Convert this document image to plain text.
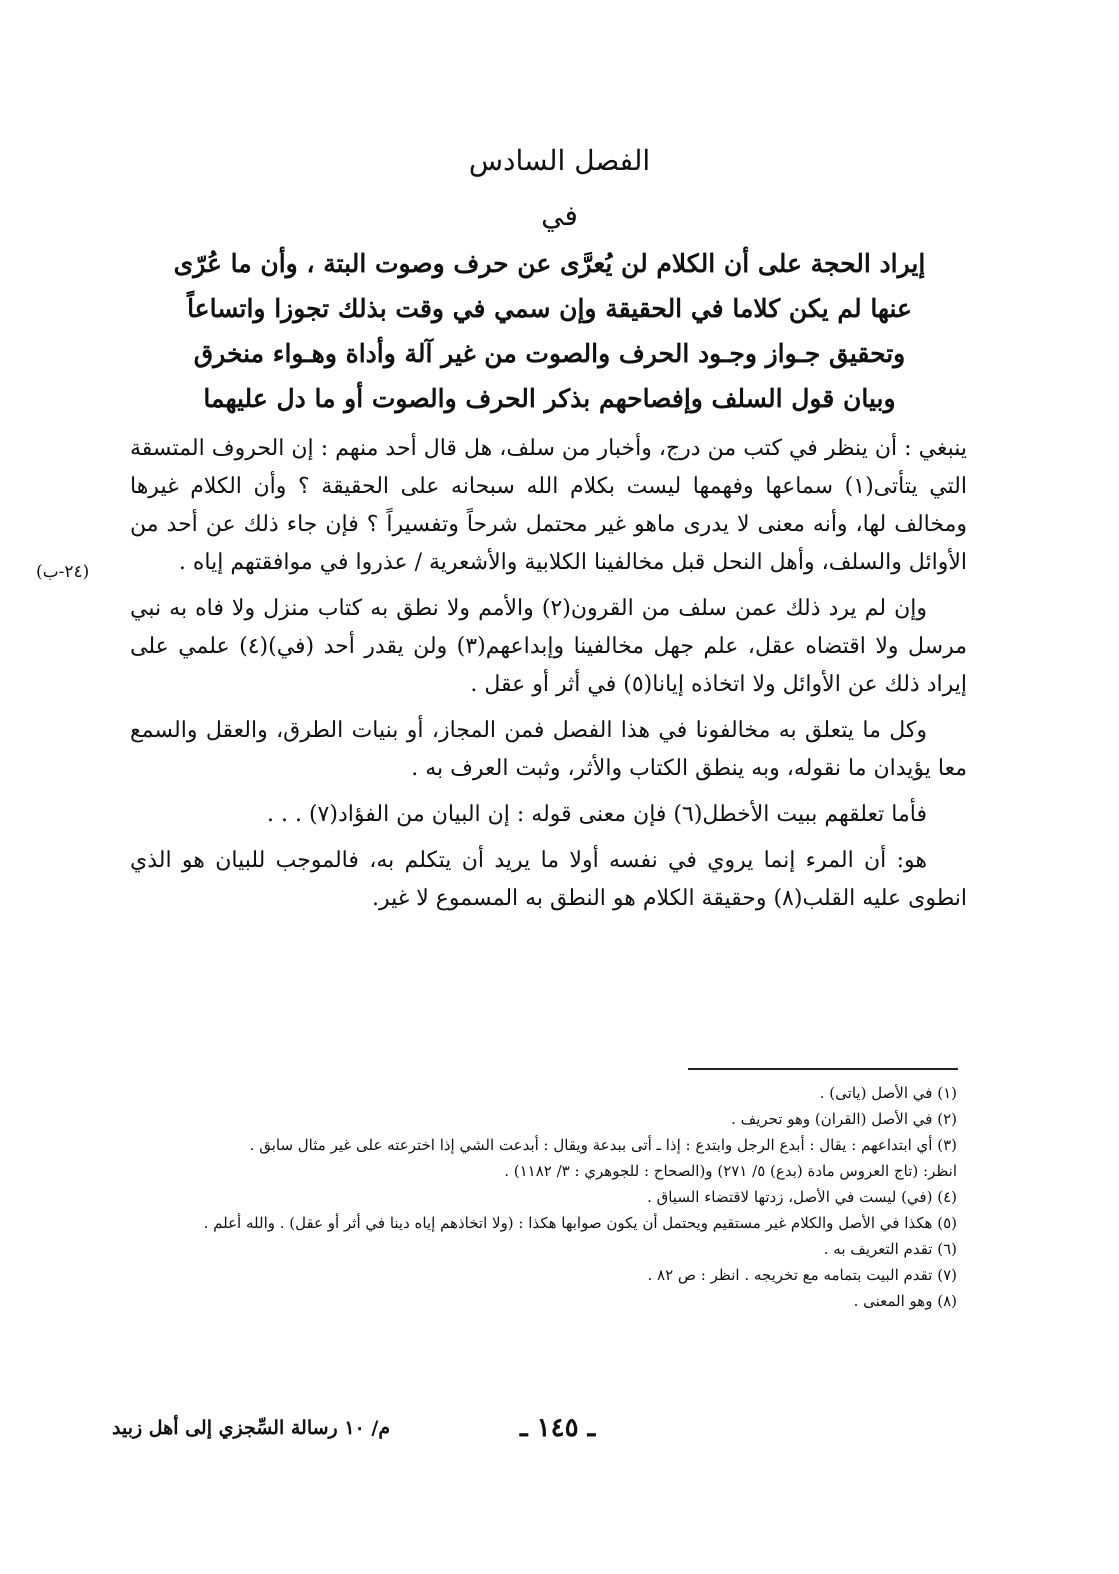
الفصل السادس
في
إيراد الحجة على أن الكلام لن يُعرَّى عن حرف وصوت البتة ، وأن ما عُرّى
عنها لم يكن كلاما في الحقيقة وإن سمي في وقت بذلك تجوزا واتساعاً
وتحقيق جـواز وجـود الحرف والصوت من غير آلة وأداة وهـواء منخرق
وبيان قول السلف وإفصاحهم بذكر الحرف والصوت أو ما دل عليهما

ينبغي : أن ينظر في كتب من درج، وأخبار من سلف، هل قال أحد منهم : إن الحروف المتسقة التي يتأتى(١) سماعها وفهمها ليست بكلام الله سبحانه على الحقيقة ؟ وأن الكلام غيرها ومخالف لها، وأنه معنى لا يدرى ماهو غير محتمل شرحاً وتفسيراً ؟ فإن جاء ذلك عن أحد من الأوائل والسلف، وأهل النحل قبل مخالفينا الكلابية والأشعرية / عذروا في موافقتهم إياه .

وإن لم يرد ذلك عمن سلف من القرون(٢) والأمم ولا نطق به كتاب منزل ولا فاه به نبي مرسل ولا اقتضاه عقل، علم جهل مخالفينا وإبداعهم(٣) ولن يقدر أحد (في)(٤) علمي على إيراد ذلك عن الأوائل ولا اتخاذه إيانا(٥) في أثر أو عقل .

وكل ما يتعلق به مخالفونا في هذا الفصل فمن المجاز، أو بنيات الطرق، والعقل والسمع معا يؤيدان ما نقوله، وبه ينطق الكتاب والأثر، وثبت العرف به .

فأما تعلقهم ببيت الأخطل(٦) فإن معنى قوله : إن البيان من الفؤاد(٧) . . .

هو: أن المرء إنما يروي في نفسه أولا ما يريد أن يتكلم به، فالموجب للبيان هو الذي انطوى عليه القلب(٨) وحقيقة الكلام هو النطق به المسموع لا غير.

(٢٤-ب)

(١) في الأصل (ياتى) .

(٢) في الأصل (القران) وهو تحريف .

(٣) أي ابتداعهم : يقال : أبدع الرجل وابتدع : إذا ـ أتى ببدعة ويقال : أبدعت الشي إذا اخترعته على غير مثال سابق .

انظر: (تاج العروس مادة (بدع) ٥/ ٢٧١) و(الصحاح : للجوهري : ٣/ ١١٨٢) .

(٤) (في) ليست في الأصل، زدتها لاقتضاء السياق .

(٥) هكذا في الأصل والكلام غير مستقيم ويحتمل أن يكون صوابها هكذا : (ولا اتخاذهم إياه دينا في أثر أو عقل) . والله أعلم .

(٦) تقدم التعريف به .

(٧) تقدم البيت بتمامه مع تخريجه . انظر : ص ٨٢ .

(٨) وهو المعنى .

ـ ١٤٥ ـ
م/ ١٠ رسالة السِّجزي إلى أهل زبيد
